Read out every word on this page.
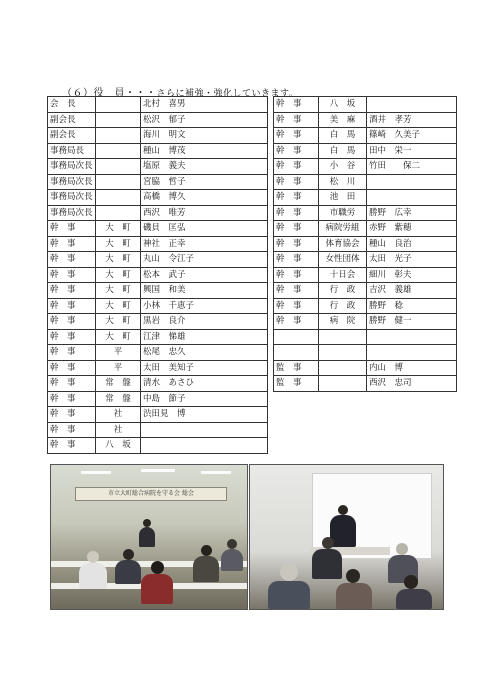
（６）役　員・・・さらに補強・強化していきます。
会　長		北村　喜男
副会長		松沢　郁子
副会長		海川　明文
事務局長		種山　博茂
事務局次長		塩原　義夫
事務局次長		宮脇　哲子
事務局次長		高橋　博久
事務局次長		西沢　唯芳
幹　事	大　町	磯貝　匡弘
幹　事	大　町	神社　正幸
幹　事	大　町	丸山　令江子
幹　事	大　町	松本　武子
幹　事	大　町	興国　和美
幹　事	大　町	小林　千恵子
幹　事	大　町	黒岩　良介
幹　事	大　町	江津　悌雄
幹　事	平	松尾　忠久
幹　事	平	太田　美知子
幹　事	常　盤	清水　あさひ
幹　事	常　盤	中島　節子
幹　事	社	渋田見　博
幹　事	社	
幹　事	八　坂	
幹　事	八　坂	
幹　事	美　麻	酒井　孝芳
幹　事	白　馬	篠崎　久美子
幹　事	白　馬	田中　栄一
幹　事	小　谷	竹田　　保二
幹　事	松　川	
幹　事	池　田	
幹　事	市職労	勝野　広幸
幹　事	病院労組	赤野　紫穂
幹　事	体育協会	種山　良治
幹　事	女性団体	太田　光子
幹　事	十日会	細川　彰夫
幹　事	行　政	吉沢　義雄
幹　事	行　政	勝野　稔
幹　事	病　院	勝野　健一

監　事		内山　博
監　事		西沢　忠司
市立大町総合病院を守る会 総会
